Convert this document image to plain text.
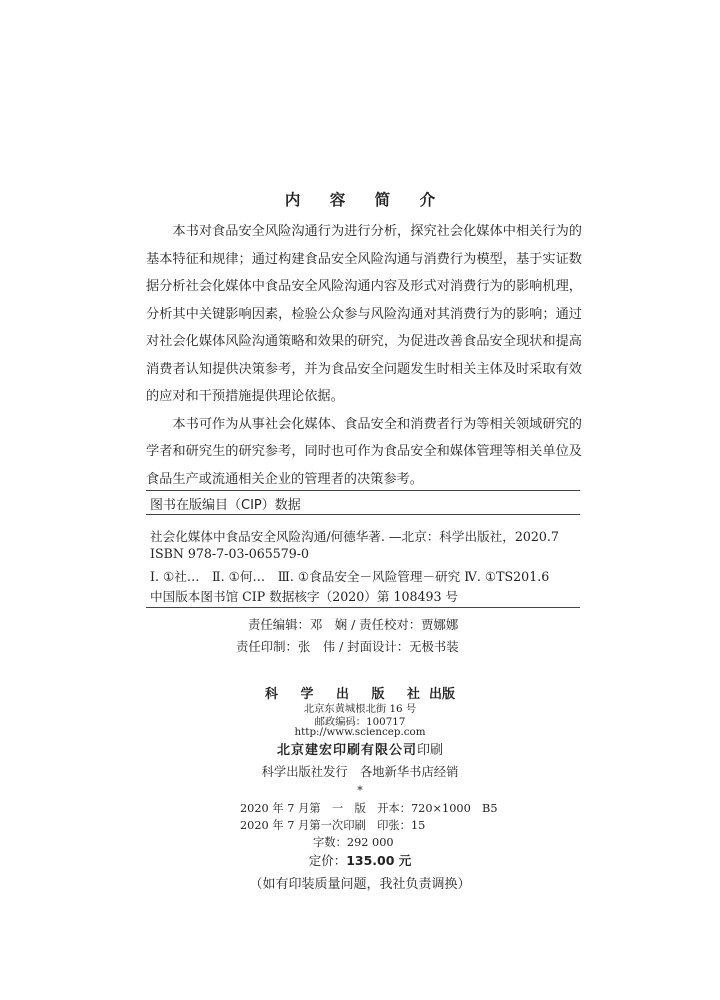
内 容 简 介

本书对食品安全风险沟通行为进行分析，探究社会化媒体中相关行为的基本特征和规律；通过构建食品安全风险沟通与消费行为模型，基于实证数据分析社会化媒体中食品安全风险沟通内容及形式对消费行为的影响机理，分析其中关键影响因素，检验公众参与风险沟通对其消费行为的影响；通过对社会化媒体风险沟通策略和效果的研究，为促进改善食品安全现状和提高消费者认知提供决策参考，并为食品安全问题发生时相关主体及时采取有效的应对和干预措施提供理论依据。

本书可作为从事社会化媒体、食品安全和消费者行为等相关领域研究的学者和研究生的研究参考，同时也可作为食品安全和媒体管理等相关单位及食品生产或流通相关企业的管理者的决策参考。

图书在版编目（CIP）数据
社会化媒体中食品安全风险沟通/何德华著. —北京：科学出版社，2020.7
ISBN 978-7-03-065579-0
Ⅰ. ①社…　Ⅱ. ①何…　Ⅲ. ①食品安全－风险管理－研究 Ⅳ. ①TS201.6
中国版本图书馆 CIP 数据核字（2020）第 108493 号
责任编辑：邓　娴 / 责任校对：贾娜娜
责任印制：张　伟 / 封面设计：无极书装
科 学 出 版 社出版
北京东黄城根北街 16 号
邮政编码：100717
http://www.sciencep.com
北京建宏印刷有限公司印刷
科学出版社发行　各地新华书店经销
*
2020 年 7 月第　一　版　开本：720×1000　B5
2020 年 7 月第一次印刷　印张：15
字数：292 000
定价：135.00 元
（如有印装质量问题，我社负责调换）
